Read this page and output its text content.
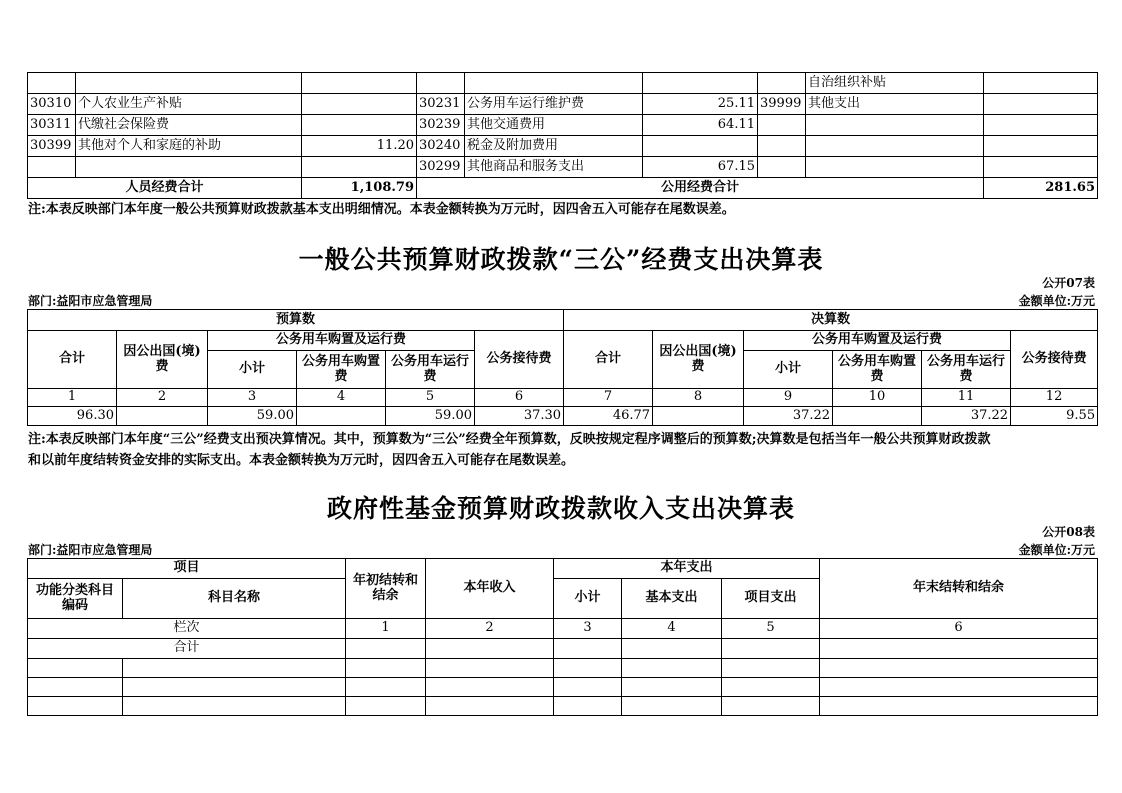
							自治组织补贴	
30310	个人农业生产补贴		30231	公务用车运行维护费	25.11	39999	其他支出	
30311	代缴社会保险费		30239	其他交通费用	64.11			
30399	其他对个人和家庭的补助	11.20	30240	税金及附加费用				
			30299	其他商品和服务支出	67.15			
人员经费合计		1,108.79	公用经费合计					281.65
注:本表反映部门本年度一般公共预算财政拨款基本支出明细情况。本表金额转换为万元时，因四舍五入可能存在尾数误差。
一般公共预算财政拨款“三公”经费支出决算表
公开07表
部门:益阳市应急管理局	金额单位:万元
预算数						决算数					
合计	因公出国(境)费	公务用车购置及运行费			公务接待费	合计	因公出国(境)费	公务用车购置及运行费			公务接待费
		小计	公务用车购置费	公务用车运行费				小计	公务用车购置费	公务用车运行费	
1	2	3	4	5	6	7	8	9	10	11	12
96.30		59.00		59.00	37.30	46.77		37.22		37.22	9.55
注:本表反映部门本年度“三公”经费支出预决算情况。其中，预算数为“三公”经费全年预算数，反映按规定程序调整后的预算数;决算数是包括当年一般公共预算财政拨款
和以前年度结转资金安排的实际支出。本表金额转换为万元时，因四舍五入可能存在尾数误差。
政府性基金预算财政拨款收入支出决算表
公开08表
部门:益阳市应急管理局	金额单位:万元
项目		年初结转和结余	本年收入	本年支出			年末结转和结余
功能分类科目编码	科目名称			小计	基本支出	项目支出	
栏次		1	2	3	4	5	6
合计							
